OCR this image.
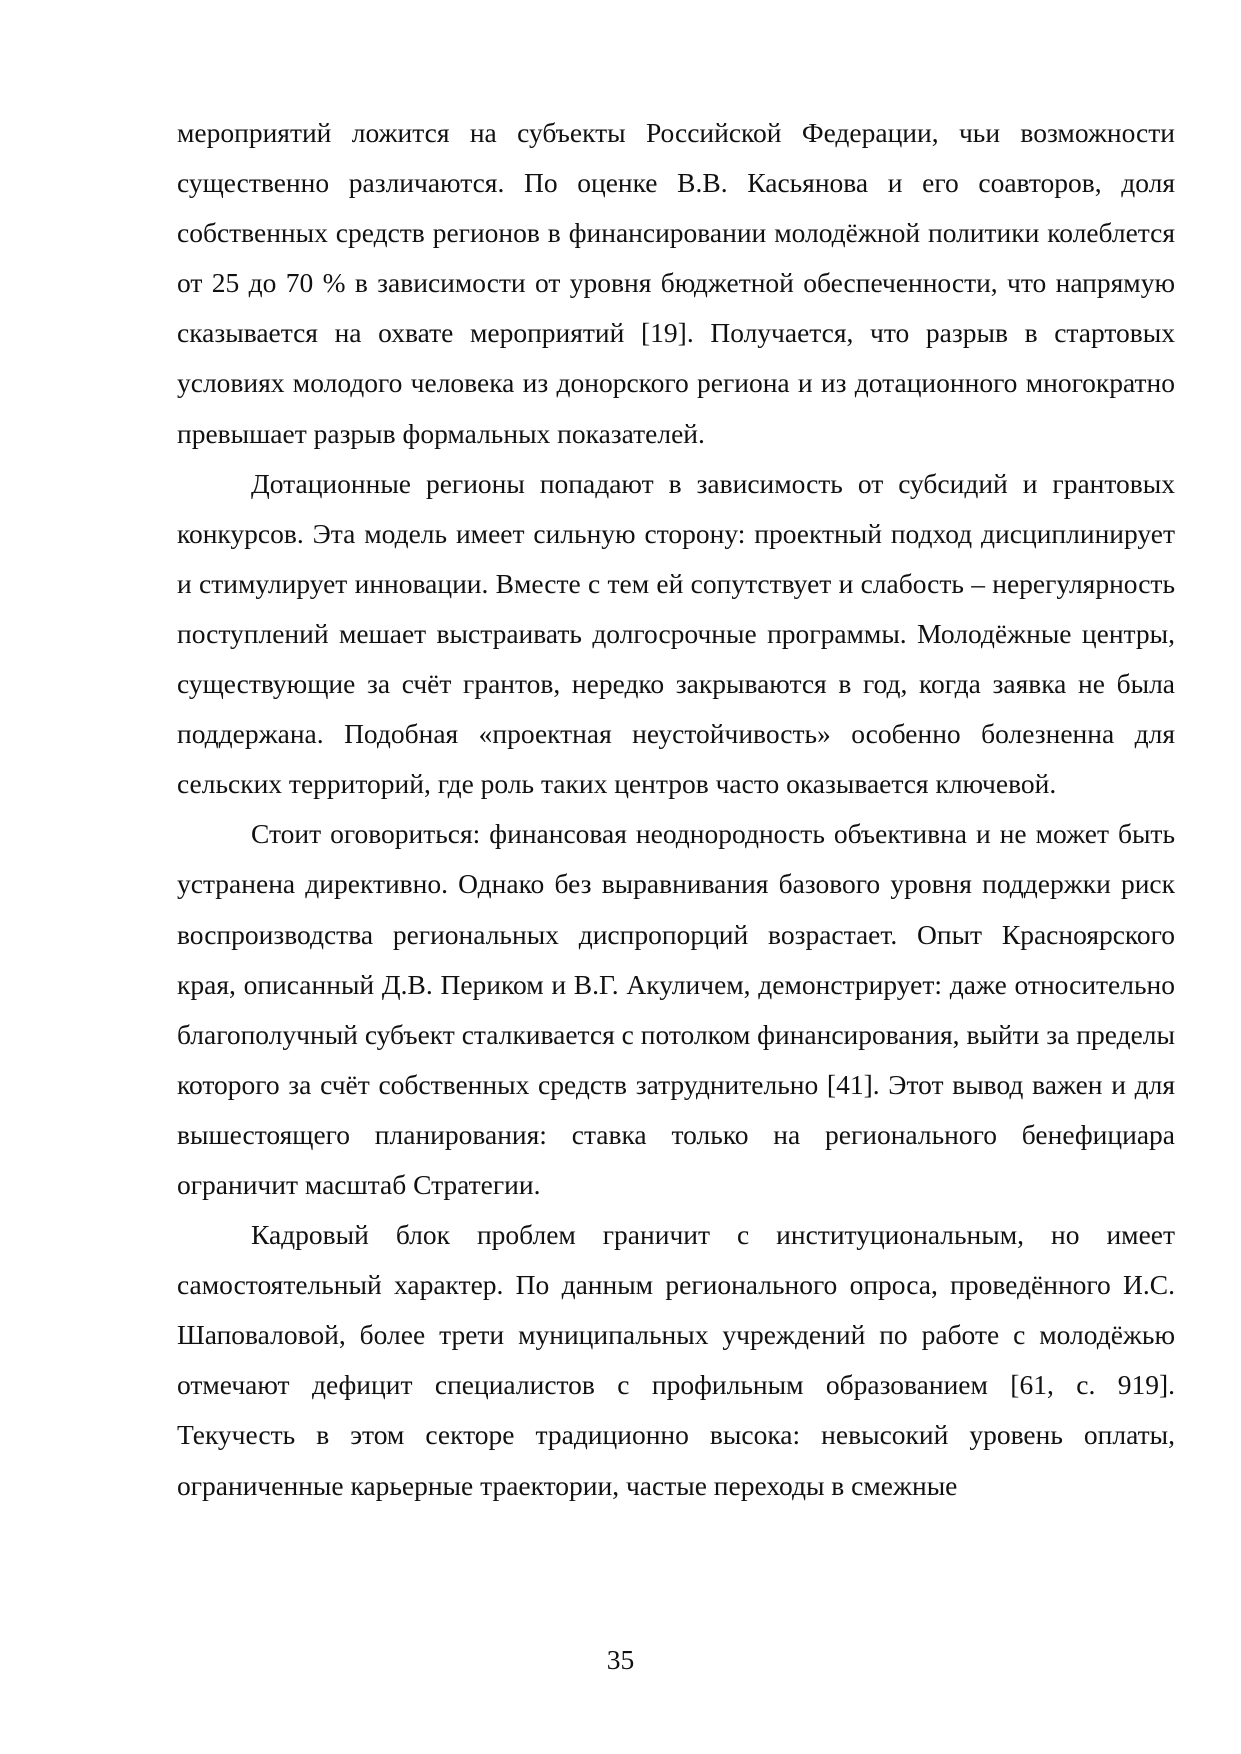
мероприятий ложится на субъекты Российской Федерации, чьи возможности существенно различаются. По оценке В.В. Касьянова и его соавторов, доля собственных средств регионов в финансировании молодёжной политики колеблется от 25 до 70 % в зависимости от уровня бюджетной обеспеченности, что напрямую сказывается на охвате мероприятий [19]. Получается, что разрыв в стартовых условиях молодого человека из донорского региона и из дотационного многократно превышает разрыв формальных показателей.

Дотационные регионы попадают в зависимость от субсидий и грантовых конкурсов. Эта модель имеет сильную сторону: проектный подход дисциплинирует и стимулирует инновации. Вместе с тем ей сопутствует и слабость – нерегулярность поступлений мешает выстраивать долгосрочные программы. Молодёжные центры, существующие за счёт грантов, нередко закрываются в год, когда заявка не была поддержана. Подобная «проектная неустойчивость» особенно болезненна для сельских территорий, где роль таких центров часто оказывается ключевой.

Стоит оговориться: финансовая неоднородность объективна и не может быть устранена директивно. Однако без выравнивания базового уровня поддержки риск воспроизводства региональных диспропорций возрастает. Опыт Красноярского края, описанный Д.В. Периком и В.Г. Акуличем, демонстрирует: даже относительно благополучный субъект сталкивается с потолком финансирования, выйти за пределы которого за счёт собственных средств затруднительно [41]. Этот вывод важен и для вышестоящего планирования: ставка только на регионального бенефициара ограничит масштаб Стратегии.

Кадровый блок проблем граничит с институциональным, но имеет самостоятельный характер. По данным регионального опроса, проведённого И.С. Шаповаловой, более трети муниципальных учреждений по работе с молодёжью отмечают дефицит специалистов с профильным образованием [61, с. 919]. Текучесть в этом секторе традиционно высока: невысокий уровень оплаты, ограниченные карьерные траектории, частые переходы в смежные

35
